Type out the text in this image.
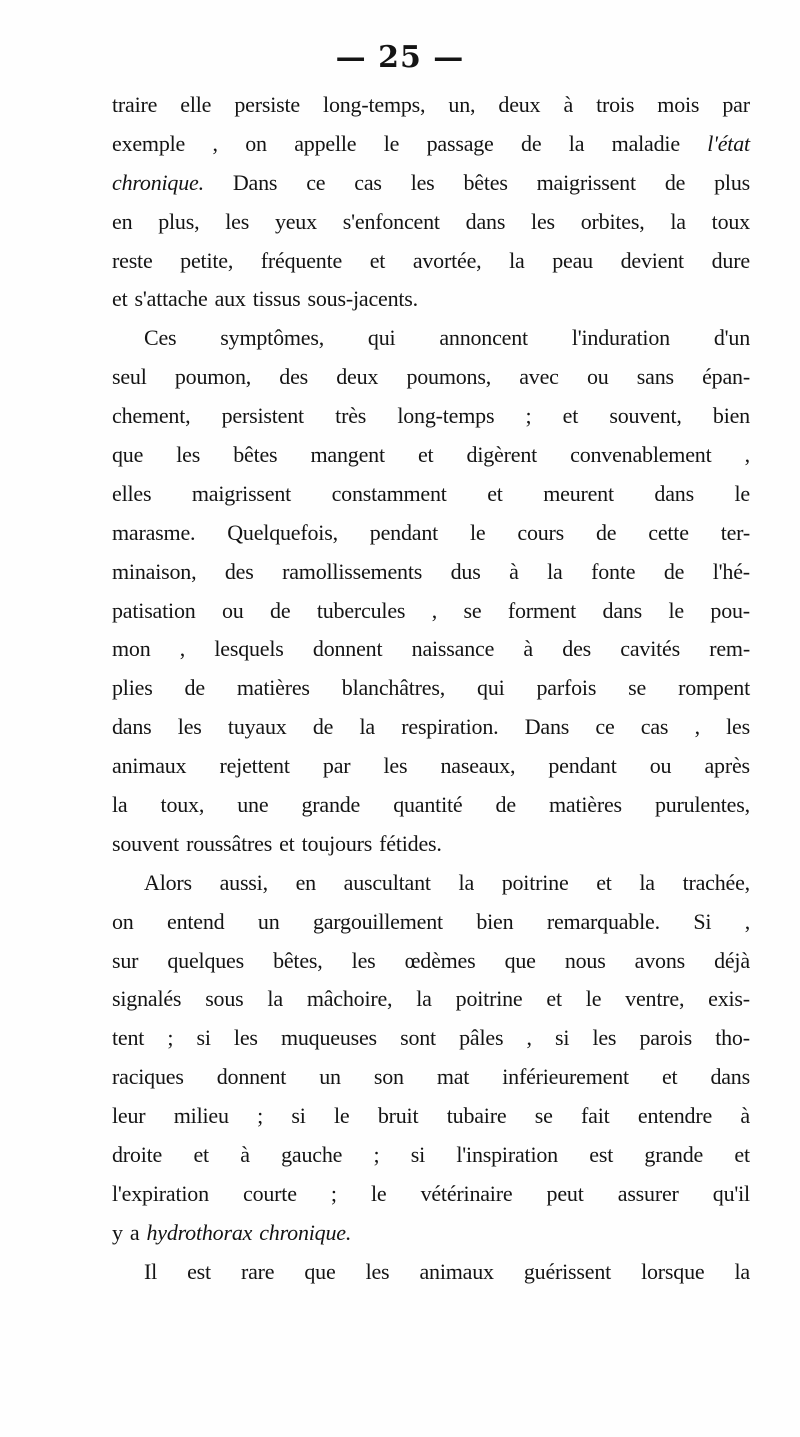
— 25 —
traire elle persiste long-temps, un, deux à trois mois par
exemple , on appelle le passage de la maladie l'état
chronique. Dans ce cas les bêtes maigrissent de plus
en plus, les yeux s'enfoncent dans les orbites, la toux
reste petite, fréquente et avortée, la peau devient dure
et s'attache aux tissus sous-jacents.
Ces symptômes, qui annoncent l'induration d'un
seul poumon, des deux poumons, avec ou sans épan-
chement, persistent très long-temps ; et souvent, bien
que les bêtes mangent et digèrent convenablement ,
elles maigrissent constamment et meurent dans le
marasme. Quelquefois, pendant le cours de cette ter-
minaison, des ramollissements dus à la fonte de l'hé-
patisation ou de tubercules , se forment dans le pou-
mon , lesquels donnent naissance à des cavités rem-
plies de matières blanchâtres, qui parfois se rompent
dans les tuyaux de la respiration. Dans ce cas , les
animaux rejettent par les naseaux, pendant ou après
la toux, une grande quantité de matières purulentes,
souvent roussâtres et toujours fétides.
Alors aussi, en auscultant la poitrine et la trachée,
on entend un gargouillement bien remarquable. Si ,
sur quelques bêtes, les œdèmes que nous avons déjà
signalés sous la mâchoire, la poitrine et le ventre, exis-
tent ; si les muqueuses sont pâles , si les parois tho-
raciques donnent un son mat inférieurement et dans
leur milieu ; si le bruit tubaire se fait entendre à
droite et à gauche ; si l'inspiration est grande et
l'expiration courte ; le vétérinaire peut assurer qu'il
y a hydrothorax chronique.
Il est rare que les animaux guérissent lorsque la
